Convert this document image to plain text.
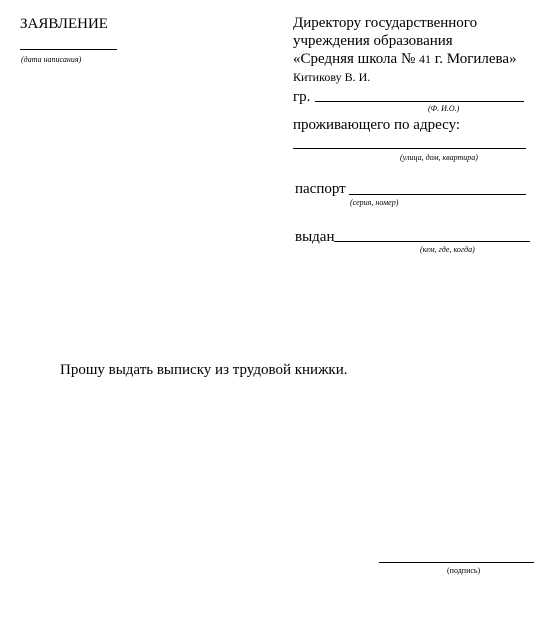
ЗАЯВЛЕНИЕ
(дата написания)
Директору государственного
учреждения образования
«Средняя школа № 41 г. Могилева»
Китикову В. И.
гр.
(Ф. И.О.)
проживающего по адресу:
(улица, дом, квартира)
паспорт
(серия, номер)
выдан
(кем, где, когда)
Прошу выдать выписку из трудовой книжки.
(подпись)
